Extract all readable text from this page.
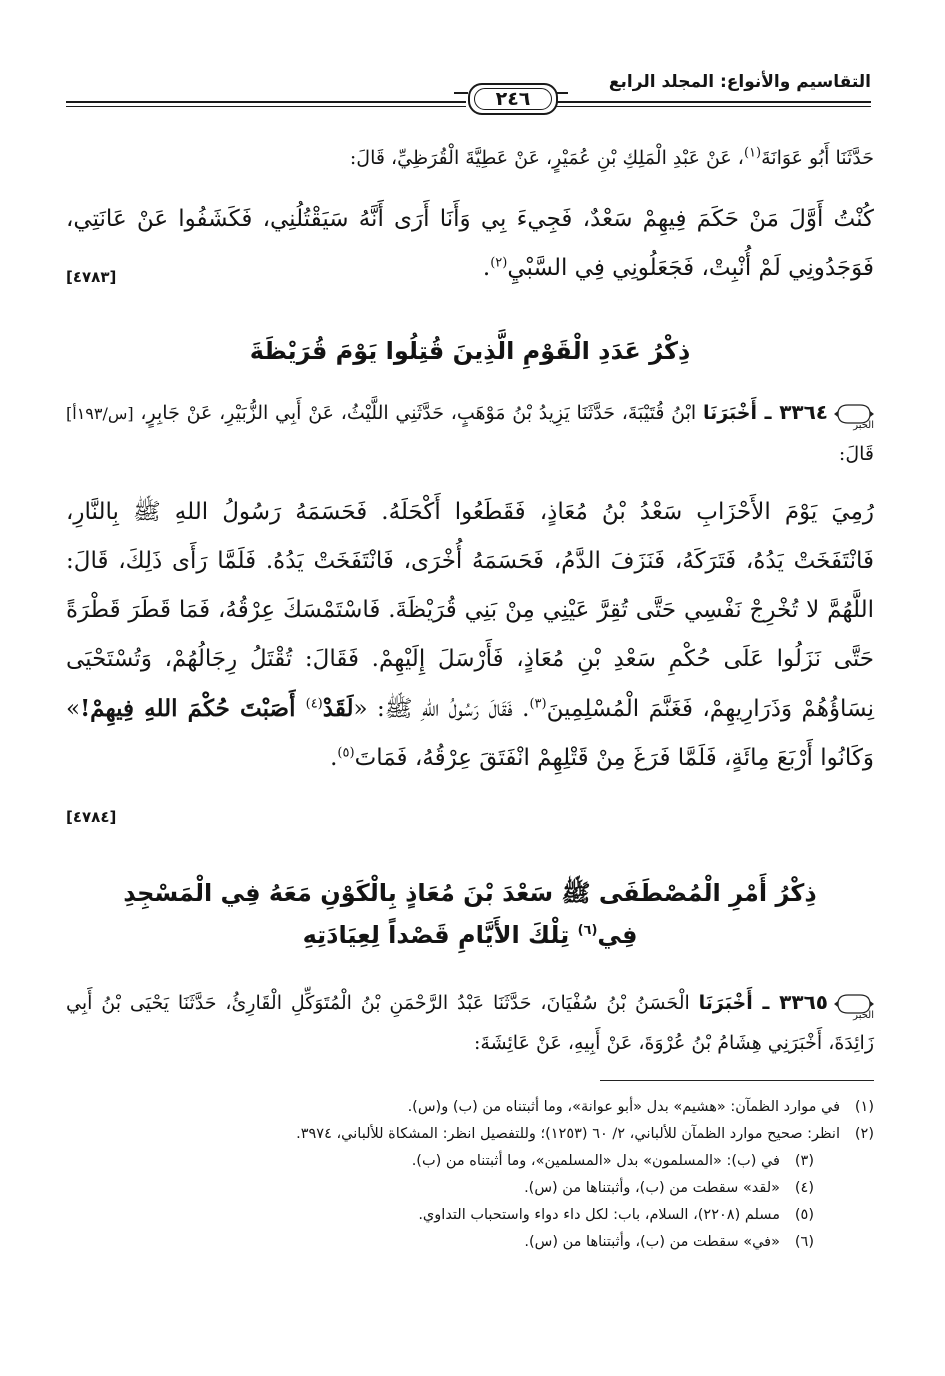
التقاسيم والأنواع: المجلد الرابع
٢٤٦
حَدَّثَنَا أَبُو عَوَانَةَ$^{(١)}$، عَنْ عَبْدِ الْمَلِكِ بْنِ عُمَيْرٍ، عَنْ عَطِيَّةَ الْقُرَظِيِّ، قَالَ:
كُنْتُ أَوَّلَ مَنْ حَكَمَ فِيهِمْ سَعْدٌ، فَجِيءَ بِي وَأَنَا أَرَى أَنَّهُ سَيَقْتُلُنِي، فَكَشَفُوا عَنْ عَانَتِي، فَوَجَدُونِي لَمْ أُنْبِتْ، فَجَعَلُونِي فِي السَّبْيِ$^{(٢)}$.
[٤٧٨٣]
ذِكْرُ عَدَدِ الْقَوْمِ الَّذِينَ قُتِلُوا يَوْمَ قُرَيْظَةَ
الخبر
٣٣٦٤ ـ أَخْبَرَنَا ابْنُ قُتَيْبَةَ، حَدَّثَنَا يَزِيدُ بْنُ مَوْهَبٍ، حَدَّثَنِي اللَّيْثُ، عَنْ أَبِي الزُّبَيْرِ، عَنْ جَابِرٍ، [س/١٩٣أ] قَالَ:
رُمِيَ يَوْمَ الأَحْزَابِ سَعْدُ بْنُ مُعَاذٍ، فَقَطَعُوا أَكْحَلَهُ. فَحَسَمَهُ رَسُولُ اللهِ ﷺ بِالنَّارِ، فَانْتَفَخَتْ يَدُهُ، فَتَرَكَهُ، فَنَزَفَ الدَّمُ، فَحَسَمَهُ أُخْرَى، فَانْتَفَخَتْ يَدُهُ. فَلَمَّا رَأَى ذَلِكَ، قَالَ: اللَّهُمَّ لا تُخْرِجْ نَفْسِي حَتَّى تُقِرَّ عَيْنِي مِنْ بَنِي قُرَيْظَةَ. فَاسْتَمْسَكَ عِرْقُهُ، فَمَا قَطَرَ قَطْرَةً حَتَّى نَزَلُوا عَلَى حُكْمِ سَعْدِ بْنِ مُعَاذٍ، فَأَرْسَلَ إِلَيْهِمْ. فَقَالَ: تُقْتَلُ رِجَالُهُمْ، وَتُسْتَحْيَى نِسَاؤُهُمْ وَذَرَارِيهِمْ، فَغَنَّمَ الْمُسْلِمِينَ$^{(٣)}$. فَقَالَ رَسُولُ اللهِ ﷺ: «لَقَدْ$^{(٤)}$ أَصَبْتَ حُكْمَ اللهِ فِيهِمْ!» وَكَانُوا أَرْبَعَ مِائَةٍ، فَلَمَّا فَرَغَ مِنْ قَتْلِهِمْ انْفَتَقَ عِرْقُهُ، فَمَاتَ$^{(٥)}$.
[٤٧٨٤]
ذِكْرُ أَمْرِ الْمُصْطَفَى ﷺ سَعْدَ بْنَ مُعَاذٍ بِالْكَوْنِ مَعَهُ فِي الْمَسْجِدِ
فِي$^{(٦)}$ تِلْكَ الأَيَّامِ قَصْداً لِعِيَادَتِهِ
الخبر
٣٣٦٥ ـ أَخْبَرَنَا الْحَسَنُ بْنُ سُفْيَانَ، حَدَّثَنَا عَبْدُ الرَّحْمَنِ بْنُ الْمُتَوَكِّلِ الْقَارِئُ، حَدَّثَنَا يَحْيَى بْنُ أَبِي زَائِدَةَ، أَخْبَرَنِي هِشَامُ بْنُ عُرْوَةَ، عَنْ أَبِيهِ، عَنْ عَائِشَةَ:
(١)في موارد الظمآن: «هشيم» بدل «أبو عوانة»، وما أثبتناه من (ب) و(س).
(٢)انظر: صحيح موارد الظمآن للألباني، ٢/ ٦٠ (١٢٥٣)؛ وللتفصيل انظر: المشكاة للألباني، ٣٩٧٤.
(٣)في (ب): «المسلمون» بدل «المسلمين»، وما أثبتناه من (ب).
(٤)«لقد» سقطت من (ب)، وأثبتناها من (س).
(٥)مسلم (٢٢٠٨)، السلام، باب: لكل داء دواء واستحباب التداوي.
(٦)«في» سقطت من (ب)، وأثبتناها من (س).
